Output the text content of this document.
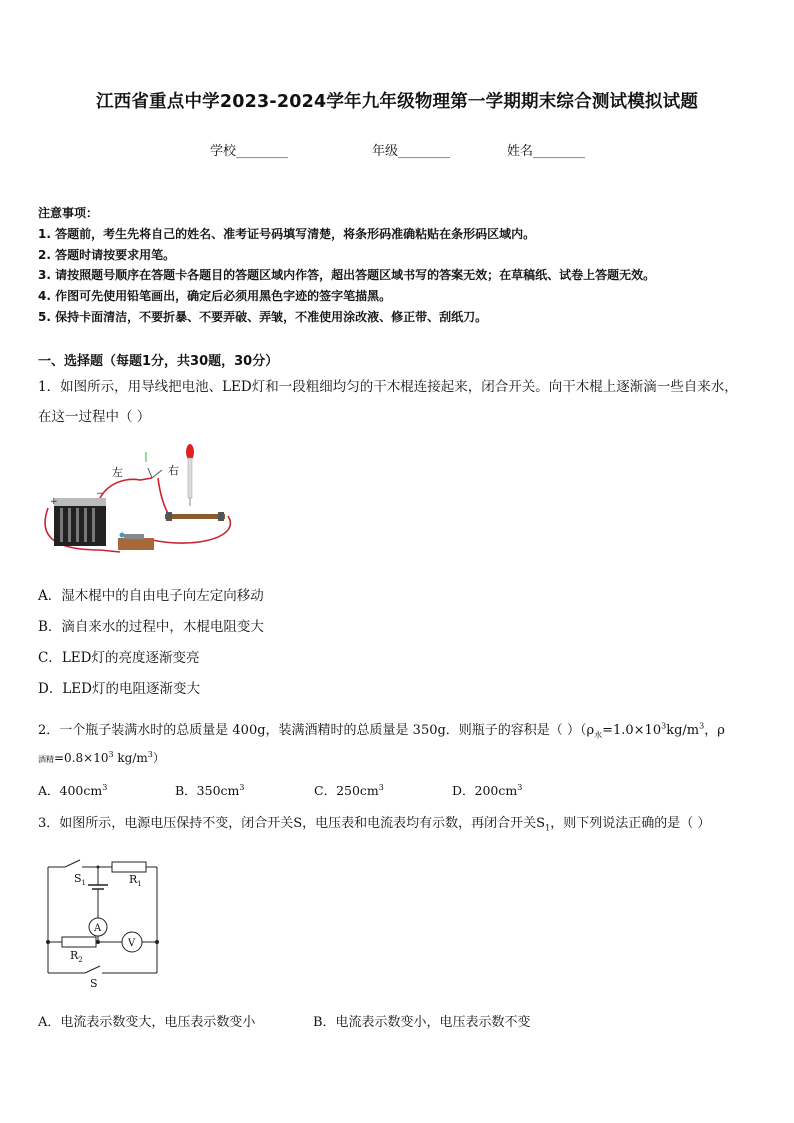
江西省重点中学2023-2024学年九年级物理第一学期期末综合测试模拟试题
学校________	年级________	姓名________
注意事项：
1. 答题前，考生先将自己的姓名、准考证号码填写清楚，将条形码准确粘贴在条形码区域内。
2. 答题时请按要求用笔。
3. 请按照题号顺序在答题卡各题目的答题区域内作答，超出答题区域书写的答案无效；在草稿纸、试卷上答题无效。
4. 作图可先使用铅笔画出，确定后必须用黑色字迹的签字笔描黑。
5. 保持卡面清洁，不要折暴、不要弄破、弄皱，不准使用涂改液、修正带、刮纸刀。
一、选择题（每题1分，共30题，30分）
1．如图所示，用导线把电池、LED灯和一段粗细均匀的干木棍连接起来，闭合开关。向干木棍上逐渐滴一些自来水，
在这一过程中（ ）
+
−
左	右
A．湿木棍中的自由电子向左定向移动
B．滴自来水的过程中，木棍电阻变大
C．LED灯的亮度逐渐变亮
D．LED灯的电阻逐渐变大
2．一个瓶子装满水时的总质量是 400g，装满酒精时的总质量是 350g．则瓶子的容积是（ ）（$\rho_水=1.0\times 10^3kg/m^3$，ρ
酒精$=0.8\times 10^3$ $kg/m^3$）
A．$400cm^3$	B．$350cm^3$	C．$250cm^3$	D．$200cm^3$
3．如图所示，电源电压保持不变，闭合开关S，电压表和电流表均有示数，再闭合开关$S_1$，则下列说法正确的是（ ）
$S_1$	$R_1$
A
V
$R_2$
S
A．电流表示数变大，电压表示数变小	B．电流表示数变小，电压表示数不变
